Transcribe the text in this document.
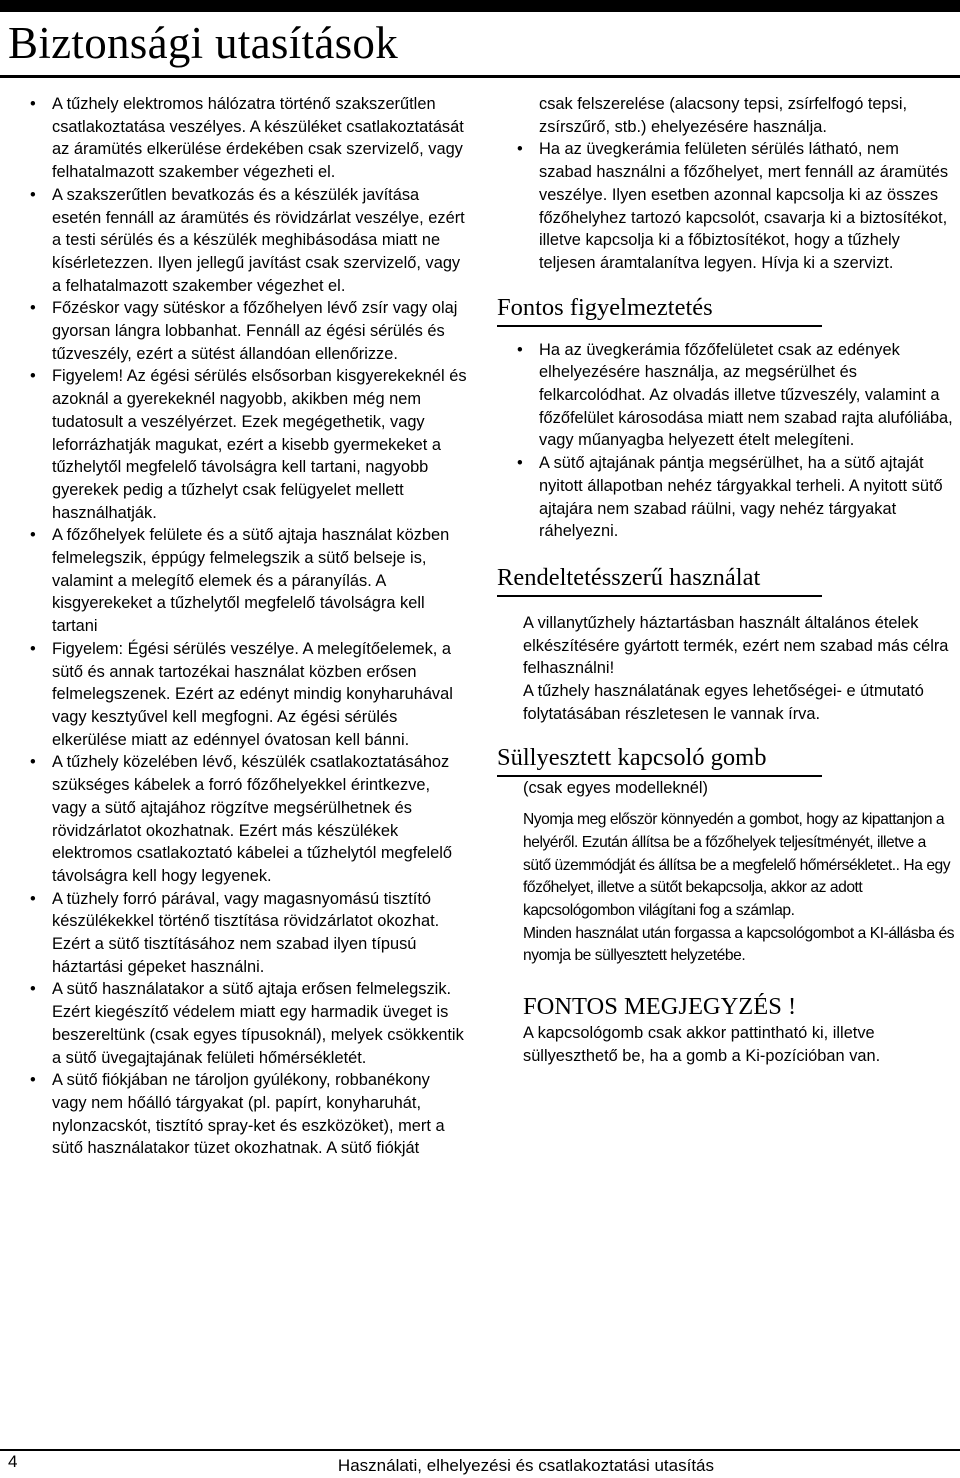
Biztonsági utasítások
• A tűzhely elektromos hálózatra történő szakszerűtlen csatlakoztatása veszélyes. A készüléket csatlakoztatását az áramütés elkerülése érdekében csak szervizelő, vagy felhatalmazott szakember végezheti el.
• A szakszerűtlen bevatkozás és a készülék javítása esetén fennáll az áramütés és rövidzárlat veszélye, ezért a testi sérülés és a készülék meghibásodása miatt ne kísérletezzen. Ilyen jellegű javítást csak szervizelő, vagy a felhatalmazott szakember végezhet el.
• Főzéskor vagy sütéskor a főzőhelyen lévő zsír vagy olaj gyorsan lángra lobbanhat. Fennáll az égési sérülés és tűzveszély, ezért a sütést állandóan ellenőrizze.
• Figyelem! Az égési sérülés elsősorban kisgyerekeknél és azoknál a gyerekeknél nagyobb, akikben még nem tudatosult a veszélyérzet. Ezek megégethetik, vagy leforrázhatják magukat, ezért a kisebb gyermekeket a tűzhelytől megfelelő távolságra kell tartani, nagyobb gyerekek pedig a tűzhelyt csak felügyelet mellett használhatják.
• A főzőhelyek felülete és a sütő ajtaja használat közben felmelegszik, éppúgy felmelegszik a sütő belseje is, valamint a melegítő elemek és a páranyílás. A kisgyerekeket a tűzhelytől megfelelő távolságra kell tartani
• Figyelem: Égési sérülés veszélye. A melegítőelemek, a sütő és annak tartozékai használat közben erősen felmelegszenek. Ezért az edényt mindig konyharuhával vagy kesztyűvel kell megfogni. Az égési sérülés elkerülése miatt az edénnyel óvatosan kell bánni.
• A tűzhely közelében lévő, készülék csatlakoztatásához szükséges kábelek a forró főzőhelyekkel érintkezve, vagy a sütő ajtajához rögzítve megsérülhetnek és rövidzárlatot okozhatnak. Ezért más készülékek elektromos csatlakoztató kábelei a tűzhelytól megfelelő távolságra kell hogy legyenek.
• A tüzhely forró párával, vagy magasnyomású tisztító készülékekkel történő tisztítása rövidzárlatot okozhat. Ezért a sütő tisztításához nem szabad ilyen típusú háztartási gépeket használni.
• A sütő használatakor a sütő ajtaja erősen felmelegszik. Ezért kiegészítő védelem miatt egy harmadik üveget is beszereltünk (csak egyes típusoknál), melyek csökkentik a sütő üvegajtajának felületi hőmérsékletét.
• A sütő fiókjában ne tároljon gyúlékony, robbanékony vagy nem hőálló tárgyakat (pl. papírt, konyharuhát, nylonzacskót, tisztító spray-ket és eszközöket), mert a sütő használatakor tüzet okozhatnak. A sütő fiókját
csak felszerelése (alacsony tepsi, zsírfelfogó tepsi, zsírszűrő, stb.) ehelyezésére használja.
• Ha az üvegkerámia felületen sérülés látható, nem szabad használni a főzőhelyet, mert fennáll az áramütés veszélye. Ilyen esetben azonnal kapcsolja ki az összes főzőhelyhez tartozó kapcsolót, csavarja ki a biztosítékot, illetve kapcsolja ki a főbiztosítékot, hogy a tűzhely teljesen áramtalanítva legyen. Hívja ki a szervizt.
Fontos figyelmeztetés
• Ha az üvegkerámia főzőfelületet csak az edények elhelyezésére használja, az megsérülhet és felkarcolódhat. Az olvadás illetve tűzveszély, valamint a főzőfelület károsodása miatt nem szabad rajta alufóliába, vagy műanyagba helyezett ételt melegíteni.
• A sütő ajtajának pántja megsérülhet, ha a sütő ajtaját nyitott állapotban nehéz tárgyakkal terheli. A nyitott sütő ajtajára nem szabad ráülni, vagy nehéz tárgyakat ráhelyezni.
Rendeltetésszerű használat
A villanytűzhely háztartásban használt általános ételek elkészítésére gyártott termék, ezért nem szabad más célra felhasználni!
A tűzhely használatának egyes lehetőségei- e útmutató folytatásában részletesen le vannak írva.
Süllyesztett kapcsoló gomb
(csak egyes modelleknél)
Nyomja meg először könnyedén a gombot, hogy az kipattanjon a helyéről. Ezután állítsa be a főzőhelyek teljesítményét, illetve a sütő üzemmódját és állítsa be a megfelelő hőmérsékletet.. Ha egy főzőhelyet, illetve a sütőt bekapcsolja, akkor az adott kapcsológombon világítani fog a számlap.
Minden használat után forgassa a kapcsológombot a KI-állásba és nyomja be süllyesztett helyzetébe.
FONTOS MEGJEGYZÉS !
A kapcsológomb csak akkor pattintható ki, illetve süllyeszthető be, ha a gomb a Ki-pozícióban van.
4	Használati, elhelyezési és csatlakoztatási utasítás
